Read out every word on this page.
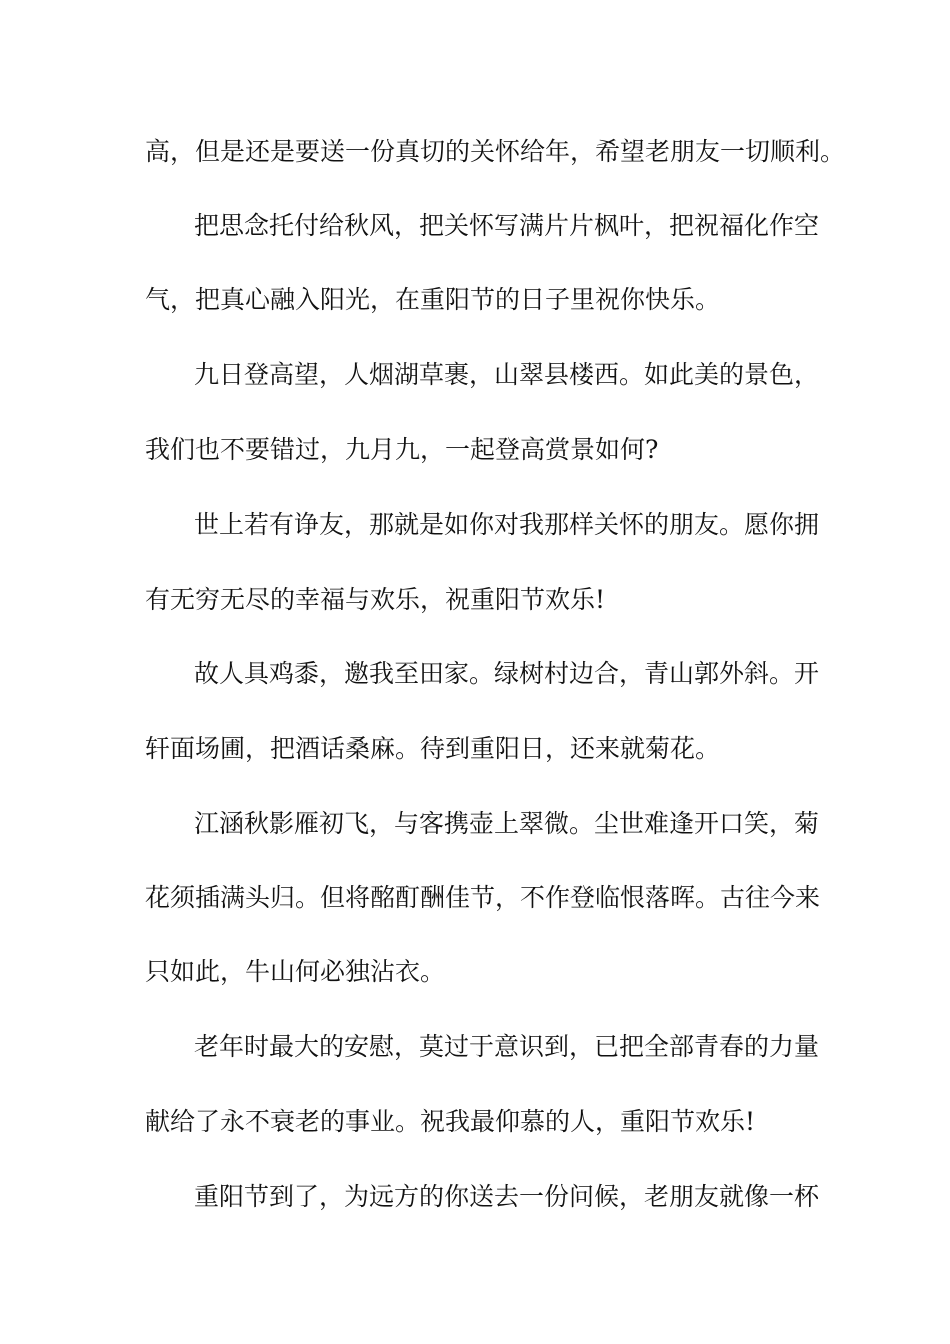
高，但是还是要送一份真切的关怀给年，希望老朋友一切顺利。
把思念托付给秋风，把关怀写满片片枫叶，把祝福化作空
气，把真心融入阳光，在重阳节的日子里祝你快乐。
九日登高望，人烟湖草裹，山翠县楼西。如此美的景色，
我们也不要错过，九月九，一起登高赏景如何?
世上若有诤友，那就是如你对我那样关怀的朋友。愿你拥
有无穷无尽的幸福与欢乐，祝重阳节欢乐!
故人具鸡黍，邀我至田家。绿树村边合，青山郭外斜。开
轩面场圃，把酒话桑麻。待到重阳日，还来就菊花。
江涵秋影雁初飞，与客携壶上翠微。尘世难逢开口笑，菊
花须插满头归。但将酩酊酬佳节，不作登临恨落晖。古往今来
只如此，牛山何必独沾衣。
老年时最大的安慰，莫过于意识到，已把全部青春的力量
献给了永不衰老的事业。祝我最仰慕的人，重阳节欢乐!
重阳节到了，为远方的你送去一份问候，老朋友就像一杯
